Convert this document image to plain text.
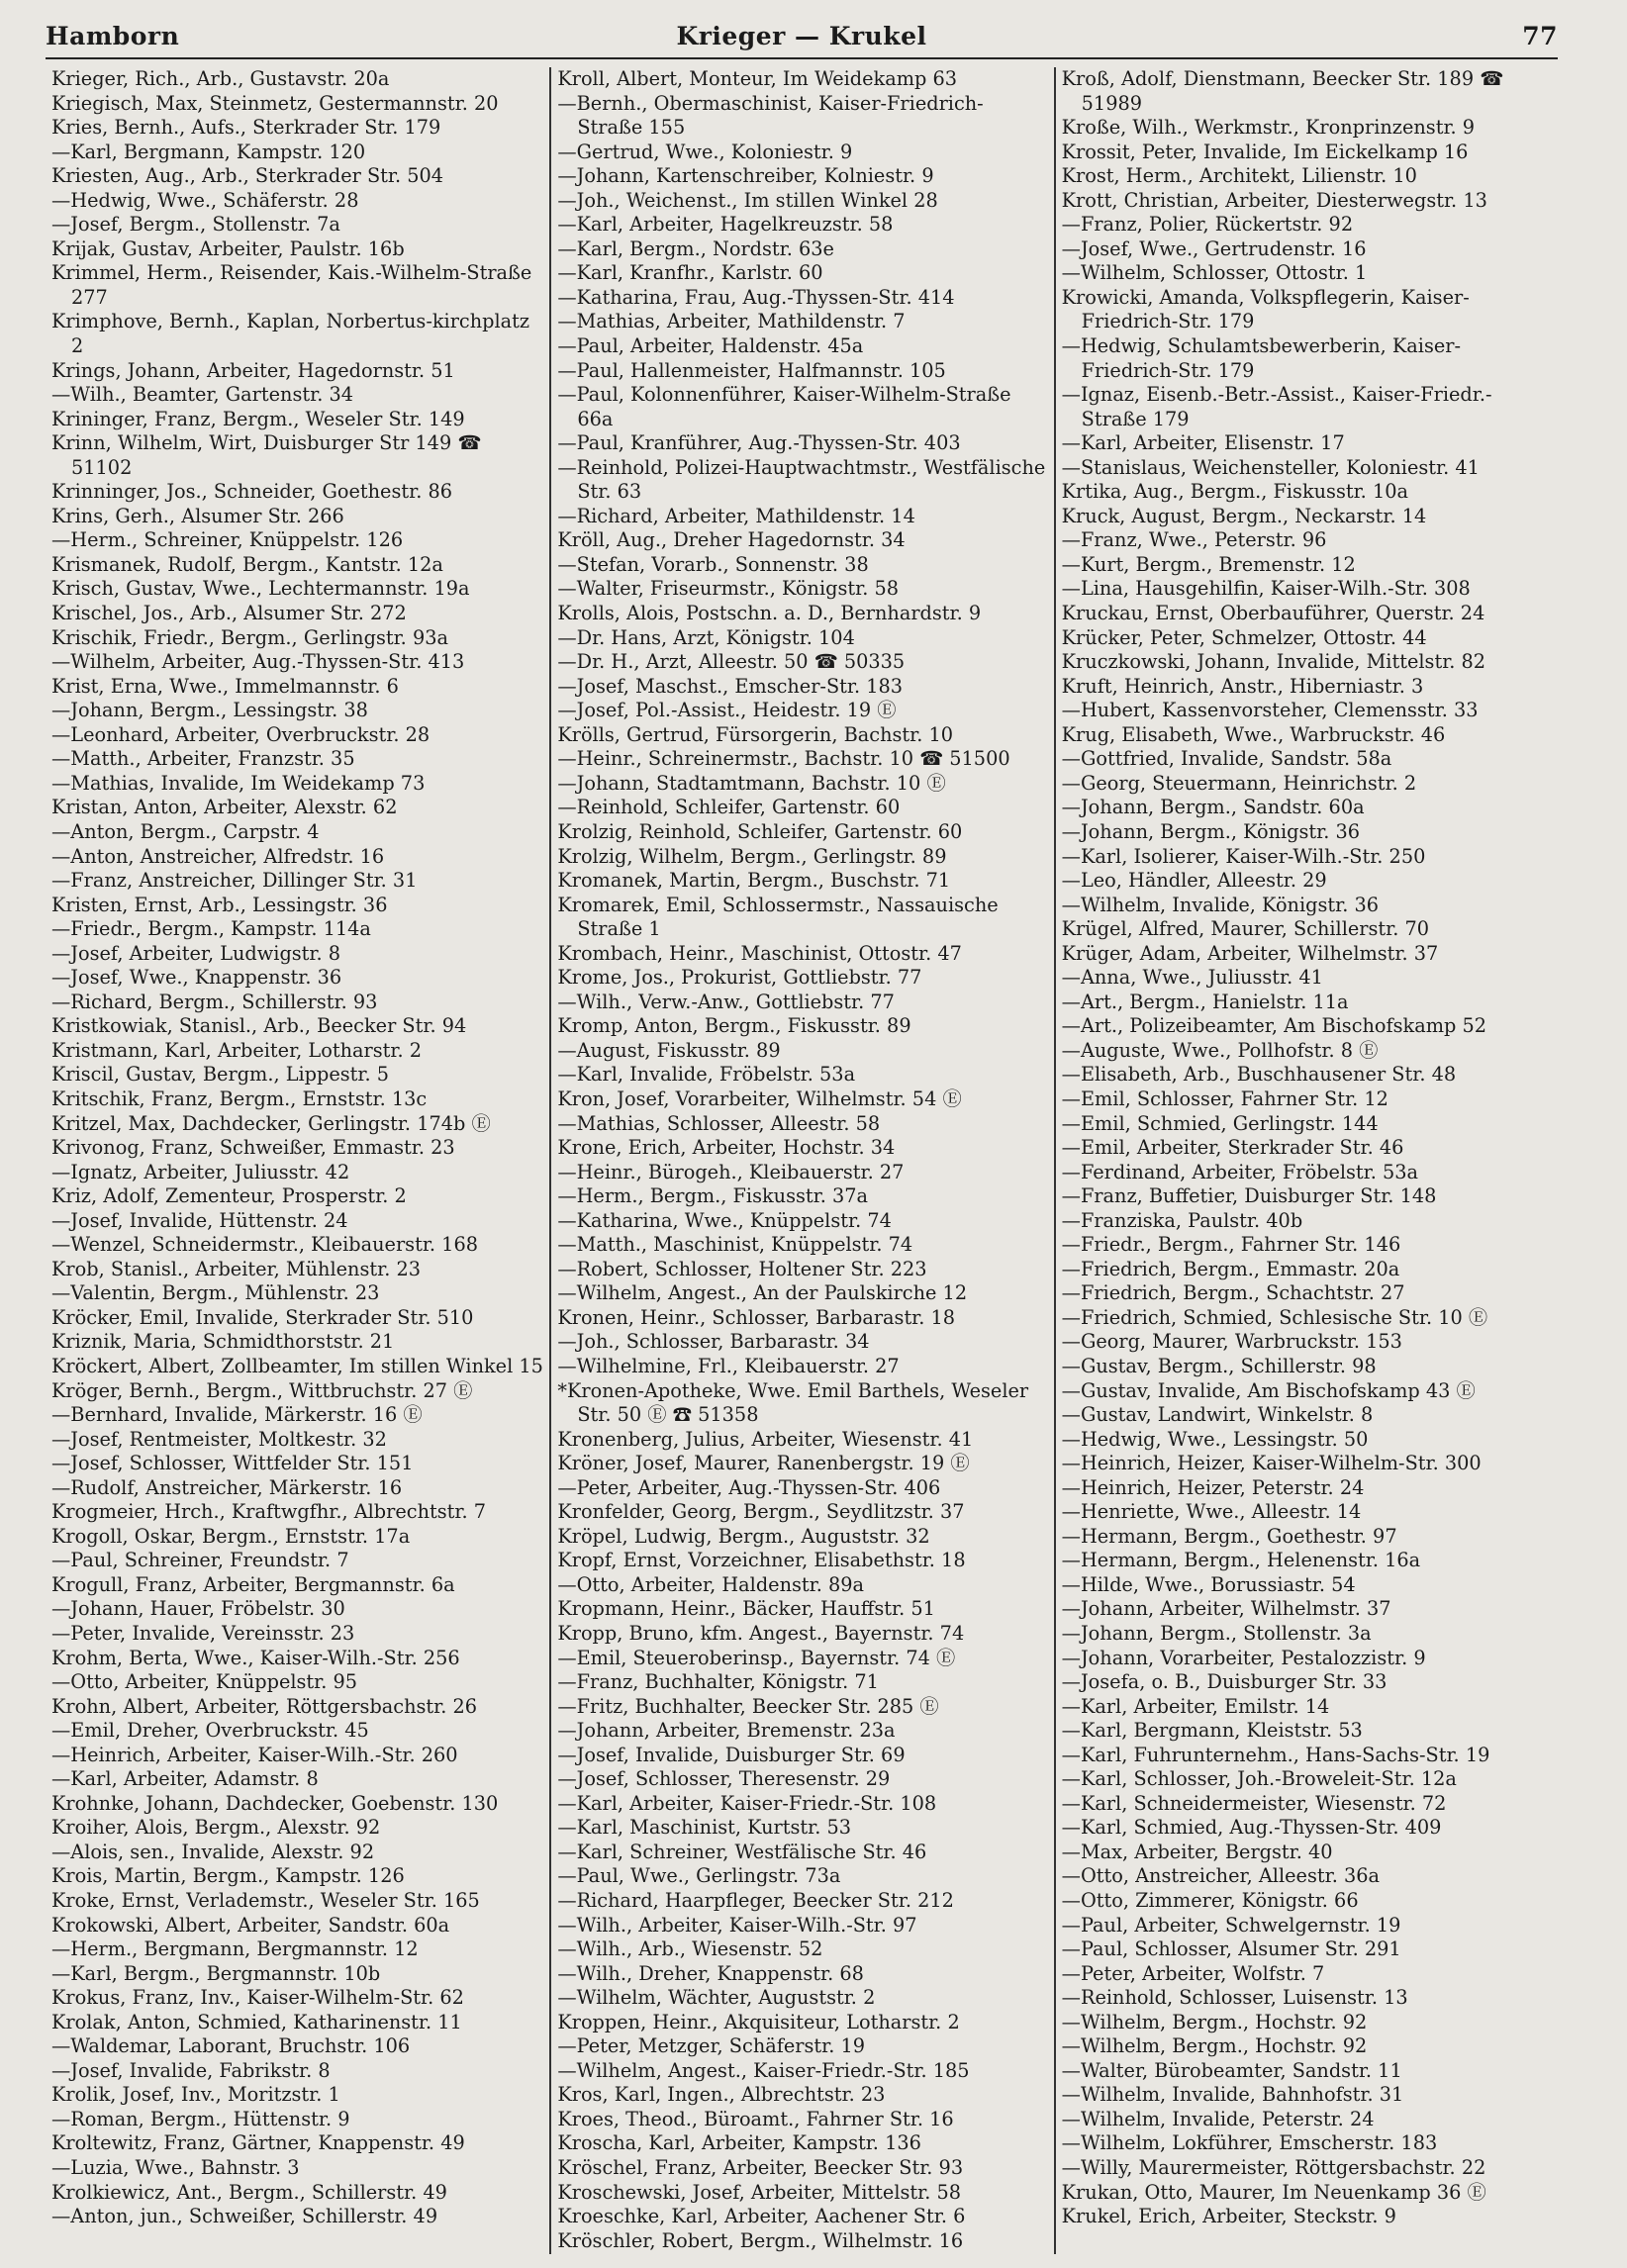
Hamborn	Krieger — Krukel	77

Krieger, Rich., Arb., Gustavstr. 20a

Kriegisch, Max, Steinmetz, Gestermannstr. 20

Kries, Bernh., Aufs., Sterkrader Str. 179

—Karl, Bergmann, Kampstr. 120

Kriesten, Aug., Arb., Sterkrader Str. 504

—Hedwig, Wwe., Schäferstr. 28

—Josef, Bergm., Stollenstr. 7a

Krijak, Gustav, Arbeiter, Paulstr. 16b

Krimmel, Herm., Reisender, Kais.-Wilhelm-Straße 277

Krimphove, Bernh., Kaplan, Norbertus-kirchplatz 2

Krings, Johann, Arbeiter, Hagedornstr. 51

—Wilh., Beamter, Gartenstr. 34

Krininger, Franz, Bergm., Weseler Str. 149

Krinn, Wilhelm, Wirt, Duisburger Str 149 ☎ 51102

Krinninger, Jos., Schneider, Goethestr. 86

Krins, Gerh., Alsumer Str. 266

—Herm., Schreiner, Knüppelstr. 126

Krismanek, Rudolf, Bergm., Kantstr. 12a

Krisch, Gustav, Wwe., Lechtermannstr. 19a

Krischel, Jos., Arb., Alsumer Str. 272

Krischik, Friedr., Bergm., Gerlingstr. 93a

—Wilhelm, Arbeiter, Aug.-Thyssen-Str. 413

Krist, Erna, Wwe., Immelmannstr. 6

—Johann, Bergm., Lessingstr. 38

—Leonhard, Arbeiter, Overbruckstr. 28

—Matth., Arbeiter, Franzstr. 35

—Mathias, Invalide, Im Weidekamp 73

Kristan, Anton, Arbeiter, Alexstr. 62

—Anton, Bergm., Carpstr. 4

—Anton, Anstreicher, Alfredstr. 16

—Franz, Anstreicher, Dillinger Str. 31

Kristen, Ernst, Arb., Lessingstr. 36

—Friedr., Bergm., Kampstr. 114a

—Josef, Arbeiter, Ludwigstr. 8

—Josef, Wwe., Knappenstr. 36

—Richard, Bergm., Schillerstr. 93

Kristkowiak, Stanisl., Arb., Beecker Str. 94

Kristmann, Karl, Arbeiter, Lotharstr. 2

Kriscil, Gustav, Bergm., Lippestr. 5

Kritschik, Franz, Bergm., Ernststr. 13c

Kritzel, Max, Dachdecker, Gerlingstr. 174b Ⓔ

Krivonog, Franz, Schweißer, Emmastr. 23

—Ignatz, Arbeiter, Juliusstr. 42

Kriz, Adolf, Zementeur, Prosperstr. 2

—Josef, Invalide, Hüttenstr. 24

—Wenzel, Schneidermstr., Kleibauerstr. 168

Krob, Stanisl., Arbeiter, Mühlenstr. 23

—Valentin, Bergm., Mühlenstr. 23

Kröcker, Emil, Invalide, Sterkrader Str. 510

Kriznik, Maria, Schmidthorststr. 21

Kröckert, Albert, Zollbeamter, Im stillen Winkel 15

Kröger, Bernh., Bergm., Wittbruchstr. 27 Ⓔ

—Bernhard, Invalide, Märkerstr. 16 Ⓔ

—Josef, Rentmeister, Moltkestr. 32

—Josef, Schlosser, Wittfelder Str. 151

—Rudolf, Anstreicher, Märkerstr. 16

Krogmeier, Hrch., Kraftwgfhr., Albrechtstr. 7

Krogoll, Oskar, Bergm., Ernststr. 17a

—Paul, Schreiner, Freundstr. 7

Krogull, Franz, Arbeiter, Bergmannstr. 6a

—Johann, Hauer, Fröbelstr. 30

—Peter, Invalide, Vereinsstr. 23

Krohm, Berta, Wwe., Kaiser-Wilh.-Str. 256

—Otto, Arbeiter, Knüppelstr. 95

Krohn, Albert, Arbeiter, Röttgersbachstr. 26

—Emil, Dreher, Overbruckstr. 45

—Heinrich, Arbeiter, Kaiser-Wilh.-Str. 260

—Karl, Arbeiter, Adamstr. 8

Krohnke, Johann, Dachdecker, Goebenstr. 130

Kroiher, Alois, Bergm., Alexstr. 92

—Alois, sen., Invalide, Alexstr. 92

Krois, Martin, Bergm., Kampstr. 126

Kroke, Ernst, Verlademstr., Weseler Str. 165

Krokowski, Albert, Arbeiter, Sandstr. 60a

—Herm., Bergmann, Bergmannstr. 12

—Karl, Bergm., Bergmannstr. 10b

Krokus, Franz, Inv., Kaiser-Wilhelm-Str. 62

Krolak, Anton, Schmied, Katharinenstr. 11

—Waldemar, Laborant, Bruchstr. 106

—Josef, Invalide, Fabrikstr. 8

Krolik, Josef, Inv., Moritzstr. 1

—Roman, Bergm., Hüttenstr. 9

Kroltewitz, Franz, Gärtner, Knappenstr. 49

—Luzia, Wwe., Bahnstr. 3

Krolkiewicz, Ant., Bergm., Schillerstr. 49

—Anton, jun., Schweißer, Schillerstr. 49

Kroll, Albert, Monteur, Im Weidekamp 63

—Bernh., Obermaschinist, Kaiser-Friedrich-Straße 155

—Gertrud, Wwe., Koloniestr. 9

—Johann, Kartenschreiber, Kolniestr. 9

—Joh., Weichenst., Im stillen Winkel 28

—Karl, Arbeiter, Hagelkreuzstr. 58

—Karl, Bergm., Nordstr. 63e

—Karl, Kranfhr., Karlstr. 60

—Katharina, Frau, Aug.-Thyssen-Str. 414

—Mathias, Arbeiter, Mathildenstr. 7

—Paul, Arbeiter, Haldenstr. 45a

—Paul, Hallenmeister, Halfmannstr. 105

—Paul, Kolonnenführer, Kaiser-Wilhelm-Straße 66a

—Paul, Kranführer, Aug.-Thyssen-Str. 403

—Reinhold, Polizei-Hauptwachtmstr., Westfälische Str. 63

—Richard, Arbeiter, Mathildenstr. 14

Kröll, Aug., Dreher Hagedornstr. 34

—Stefan, Vorarb., Sonnenstr. 38

—Walter, Friseurmstr., Königstr. 58

Krolls, Alois, Postschn. a. D., Bernhardstr. 9

—Dr. Hans, Arzt, Königstr. 104

—Dr. H., Arzt, Alleestr. 50 ☎ 50335

—Josef, Maschst., Emscher-Str. 183

—Josef, Pol.-Assist., Heidestr. 19 Ⓔ

Krölls, Gertrud, Fürsorgerin, Bachstr. 10

—Heinr., Schreinermstr., Bachstr. 10 ☎ 51500

—Johann, Stadtamtmann, Bachstr. 10 Ⓔ

—Reinhold, Schleifer, Gartenstr. 60

Krolzig, Reinhold, Schleifer, Gartenstr. 60

Krolzig, Wilhelm, Bergm., Gerlingstr. 89

Kromanek, Martin, Bergm., Buschstr. 71

Kromarek, Emil, Schlossermstr., Nassauische Straße 1

Krombach, Heinr., Maschinist, Ottostr. 47

Krome, Jos., Prokurist, Gottliebstr. 77

—Wilh., Verw.-Anw., Gottliebstr. 77

Kromp, Anton, Bergm., Fiskusstr. 89

—August, Fiskusstr. 89

—Karl, Invalide, Fröbelstr. 53a

Kron, Josef, Vorarbeiter, Wilhelmstr. 54 Ⓔ

—Mathias, Schlosser, Alleestr. 58

Krone, Erich, Arbeiter, Hochstr. 34

—Heinr., Bürogeh., Kleibauerstr. 27

—Herm., Bergm., Fiskusstr. 37a

—Katharina, Wwe., Knüppelstr. 74

—Matth., Maschinist, Knüppelstr. 74

—Robert, Schlosser, Holtener Str. 223

—Wilhelm, Angest., An der Paulskirche 12

Kronen, Heinr., Schlosser, Barbarastr. 18

—Joh., Schlosser, Barbarastr. 34

—Wilhelmine, Frl., Kleibauerstr. 27

*Kronen-Apotheke, Wwe. Emil Barthels, Weseler Str. 50 Ⓔ ☎ 51358

Kronenberg, Julius, Arbeiter, Wiesenstr. 41

Kröner, Josef, Maurer, Ranenbergstr. 19 Ⓔ

—Peter, Arbeiter, Aug.-Thyssen-Str. 406

Kronfelder, Georg, Bergm., Seydlitzstr. 37

Kröpel, Ludwig, Bergm., Auguststr. 32

Kropf, Ernst, Vorzeichner, Elisabethstr. 18

—Otto, Arbeiter, Haldenstr. 89a

Kropmann, Heinr., Bäcker, Hauffstr. 51

Kropp, Bruno, kfm. Angest., Bayernstr. 74

—Emil, Steueroberinsp., Bayernstr. 74 Ⓔ

—Franz, Buchhalter, Königstr. 71

—Fritz, Buchhalter, Beecker Str. 285 Ⓔ

—Johann, Arbeiter, Bremenstr. 23a

—Josef, Invalide, Duisburger Str. 69

—Josef, Schlosser, Theresenstr. 29

—Karl, Arbeiter, Kaiser-Friedr.-Str. 108

—Karl, Maschinist, Kurtstr. 53

—Karl, Schreiner, Westfälische Str. 46

—Paul, Wwe., Gerlingstr. 73a

—Richard, Haarpfleger, Beecker Str. 212

—Wilh., Arbeiter, Kaiser-Wilh.-Str. 97

—Wilh., Arb., Wiesenstr. 52

—Wilh., Dreher, Knappenstr. 68

—Wilhelm, Wächter, Auguststr. 2

Kroppen, Heinr., Akquisiteur, Lotharstr. 2

—Peter, Metzger, Schäferstr. 19

—Wilhelm, Angest., Kaiser-Friedr.-Str. 185

Kros, Karl, Ingen., Albrechtstr. 23

Kroes, Theod., Büroamt., Fahrner Str. 16

Kroscha, Karl, Arbeiter, Kampstr. 136

Kröschel, Franz, Arbeiter, Beecker Str. 93

Kroschewski, Josef, Arbeiter, Mittelstr. 58

Kroeschke, Karl, Arbeiter, Aachener Str. 6

Kröschler, Robert, Bergm., Wilhelmstr. 16

Kroß, Adolf, Dienstmann, Beecker Str. 189 ☎ 51989

Kroße, Wilh., Werkmstr., Kronprinzenstr. 9

Krossit, Peter, Invalide, Im Eickelkamp 16

Krost, Herm., Architekt, Lilienstr. 10

Krott, Christian, Arbeiter, Diesterwegstr. 13

—Franz, Polier, Rückertstr. 92

—Josef, Wwe., Gertrudenstr. 16

—Wilhelm, Schlosser, Ottostr. 1

Krowicki, Amanda, Volkspflegerin, Kaiser-Friedrich-Str. 179

—Hedwig, Schulamtsbewerberin, Kaiser-Friedrich-Str. 179

—Ignaz, Eisenb.-Betr.-Assist., Kaiser-Friedr.-Straße 179

—Karl, Arbeiter, Elisenstr. 17

—Stanislaus, Weichensteller, Koloniestr. 41

Krtika, Aug., Bergm., Fiskusstr. 10a

Kruck, August, Bergm., Neckarstr. 14

—Franz, Wwe., Peterstr. 96

—Kurt, Bergm., Bremenstr. 12

—Lina, Hausgehilfin, Kaiser-Wilh.-Str. 308

Kruckau, Ernst, Oberbauführer, Querstr. 24

Krücker, Peter, Schmelzer, Ottostr. 44

Kruczkowski, Johann, Invalide, Mittelstr. 82

Kruft, Heinrich, Anstr., Hiberniastr. 3

—Hubert, Kassenvorsteher, Clemensstr. 33

Krug, Elisabeth, Wwe., Warbruckstr. 46

—Gottfried, Invalide, Sandstr. 58a

—Georg, Steuermann, Heinrichstr. 2

—Johann, Bergm., Sandstr. 60a

—Johann, Bergm., Königstr. 36

—Karl, Isolierer, Kaiser-Wilh.-Str. 250

—Leo, Händler, Alleestr. 29

—Wilhelm, Invalide, Königstr. 36

Krügel, Alfred, Maurer, Schillerstr. 70

Krüger, Adam, Arbeiter, Wilhelmstr. 37

—Anna, Wwe., Juliusstr. 41

—Art., Bergm., Hanielstr. 11a

—Art., Polizeibeamter, Am Bischofskamp 52

—Auguste, Wwe., Pollhofstr. 8 Ⓔ

—Elisabeth, Arb., Buschhausener Str. 48

—Emil, Schlosser, Fahrner Str. 12

—Emil, Schmied, Gerlingstr. 144

—Emil, Arbeiter, Sterkrader Str. 46

—Ferdinand, Arbeiter, Fröbelstr. 53a

—Franz, Buffetier, Duisburger Str. 148

—Franziska, Paulstr. 40b

—Friedr., Bergm., Fahrner Str. 146

—Friedrich, Bergm., Emmastr. 20a

—Friedrich, Bergm., Schachtstr. 27

—Friedrich, Schmied, Schlesische Str. 10 Ⓔ

—Georg, Maurer, Warbruckstr. 153

—Gustav, Bergm., Schillerstr. 98

—Gustav, Invalide, Am Bischofskamp 43 Ⓔ

—Gustav, Landwirt, Winkelstr. 8

—Hedwig, Wwe., Lessingstr. 50

—Heinrich, Heizer, Kaiser-Wilhelm-Str. 300

—Heinrich, Heizer, Peterstr. 24

—Henriette, Wwe., Alleestr. 14

—Hermann, Bergm., Goethestr. 97

—Hermann, Bergm., Helenenstr. 16a

—Hilde, Wwe., Borussiastr. 54

—Johann, Arbeiter, Wilhelmstr. 37

—Johann, Bergm., Stollenstr. 3a

—Johann, Vorarbeiter, Pestalozzistr. 9

—Josefa, o. B., Duisburger Str. 33

—Karl, Arbeiter, Emilstr. 14

—Karl, Bergmann, Kleiststr. 53

—Karl, Fuhrunternehm., Hans-Sachs-Str. 19

—Karl, Schlosser, Joh.-Broweleit-Str. 12a

—Karl, Schneidermeister, Wiesenstr. 72

—Karl, Schmied, Aug.-Thyssen-Str. 409

—Max, Arbeiter, Bergstr. 40

—Otto, Anstreicher, Alleestr. 36a

—Otto, Zimmerer, Königstr. 66

—Paul, Arbeiter, Schwelgernstr. 19

—Paul, Schlosser, Alsumer Str. 291

—Peter, Arbeiter, Wolfstr. 7

—Reinhold, Schlosser, Luisenstr. 13

—Wilhelm, Bergm., Hochstr. 92

—Wilhelm, Bergm., Hochstr. 92

—Walter, Bürobeamter, Sandstr. 11

—Wilhelm, Invalide, Bahnhofstr. 31

—Wilhelm, Invalide, Peterstr. 24

—Wilhelm, Lokführer, Emscherstr. 183

—Willy, Maurermeister, Röttgersbachstr. 22

Krukan, Otto, Maurer, Im Neuenkamp 36 Ⓔ

Krukel, Erich, Arbeiter, Steckstr. 9
